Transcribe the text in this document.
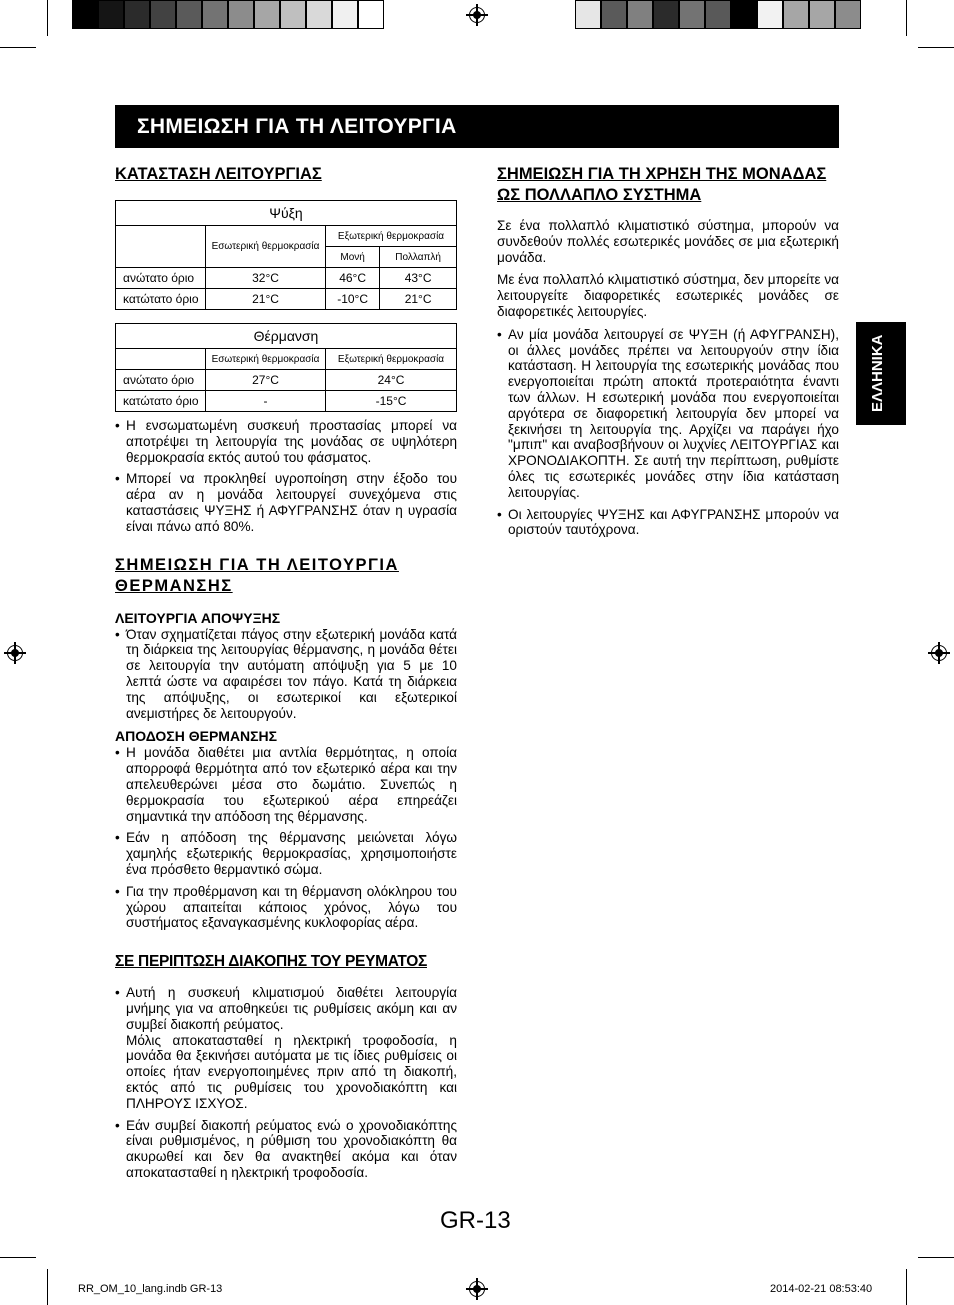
ΣΗΜΕΙΩΣΗ ΓΙΑ ΤΗ ΛΕΙΤΟΥΡΓΙΑ
ΕΛΛΗΝΙΚΑ
ΚΑΤΑΣΤΑΣΗ ΛΕΙΤΟΥΡΓΙΑΣ
Ψύξη			
	Εσωτερική θερμοκρασία	Εξωτερική θερμοκρασία	
		Μονή	Πολλαπλή
ανώτατο όριο	32°C	46°C	43°C
κατώτατο όριο	21°C	-10°C	21°C
Θέρμανση		
	Εσωτερική θερμοκρασία	Εξωτερική θερμοκρασία
ανώτατο όριο	27°C	24°C
κατώτατο όριο	-	-15°C
• Η ενσωματωμένη συσκευή προστασίας μπορεί να αποτρέψει τη λειτουργία της μονάδας σε υψηλότερη θερμοκρασία εκτός αυτού του φάσματος.
• Μπορεί να προκληθεί υγροποίηση στην έξοδο του αέρα αν η μονάδα λειτουργεί συνεχόμενα στις καταστάσεις ΨΥΞΗΣ ή ΑΦΥΓΡΑΝΣΗΣ όταν η υγρασία είναι πάνω από 80%.
ΣΗΜΕΙΩΣΗ ΓΙΑ ΤΗ ΛΕΙΤΟΥΡΓΙΑ ΘΕΡΜΑΝΣΗΣ
ΛΕΙΤΟΥΡΓΙΑ ΑΠΟΨΥΞΗΣ
• Όταν σχηματίζεται πάγος στην εξωτερική μονάδα κατά τη διάρκεια της λειτουργίας θέρμανσης, η μονάδα θέτει σε λειτουργία την αυτόματη απόψυξη για 5 με 10 λεπτά ώστε να αφαιρέσει τον πάγο. Κατά τη διάρκεια της απόψυξης, οι εσωτερικοί και εξωτερικοί ανεμιστήρες δε λειτουργούν.
ΑΠΟΔΟΣΗ ΘΕΡΜΑΝΣΗΣ
• Η μονάδα διαθέτει μια αντλία θερμότητας, η οποία απορροφά θερμότητα από τον εξωτερικό αέρα και την απελευθερώνει μέσα στο δωμάτιο. Συνεπώς η θερμοκρασία του εξωτερικού αέρα επηρεάζει σημαντικά την απόδοση της θέρμανσης.
• Εάν η απόδοση της θέρμανσης μειώνεται λόγω χαμηλής εξωτερικής θερμοκρασίας, χρησιμοποιήστε ένα πρόσθετο θερμαντικό σώμα.
• Για την προθέρμανση και τη θέρμανση ολόκληρου του χώρου απαιτείται κάποιος χρόνος, λόγω του συστήματος εξαναγκασμένης κυκλοφορίας αέρα.
ΣΕ ΠΕΡΙΠΤΩΣΗ ΔΙΑΚΟΠΗΣ ΤΟΥ ΡΕΥΜΑΤΟΣ
• Αυτή η συσκευή κλιματισμού διαθέτει λειτουργία μνήμης για να αποθηκεύει τις ρυθμίσεις ακόμη και αν συμβεί διακοπή ρεύματος.
Μόλις αποκατασταθεί η ηλεκτρική τροφοδοσία, η μονάδα θα ξεκινήσει αυτόματα με τις ίδιες ρυθμίσεις οι οποίες ήταν ενεργοποιημένες πριν από τη διακοπή, εκτός από τις ρυθμίσεις του χρονοδιακόπτη και ΠΛΗΡΟΥΣ ΙΣΧΥΟΣ.
• Εάν συμβεί διακοπή ρεύματος ενώ ο χρονοδιακόπτης είναι ρυθμισμένος, η ρύθμιση του χρονοδιακόπτη θα ακυρωθεί και δεν θα ανακτηθεί ακόμα και όταν αποκατασταθεί η ηλεκτρική τροφοδοσία.
ΣΗΜΕΙΩΣΗ ΓΙΑ ΤΗ ΧΡΗΣΗ ΤΗΣ ΜΟΝΑΔΑΣ ΩΣ ΠΟΛΛΑΠΛΟ ΣΥΣΤΗΜΑ

Σε ένα πολλαπλό κλιματιστικό σύστημα, μπορούν να συνδεθούν πολλές εσωτερικές μονάδες σε μια εξωτερική μονάδα.

Με ένα πολλαπλό κλιματιστικό σύστημα, δεν μπορείτε να λειτουργείτε διαφορετικές εσωτερικές μονάδες σε διαφορετικές λειτουργίες.

• Αν μία μονάδα λειτουργεί σε ΨΥΞΗ (ή ΑΦΥΓΡΑΝΣΗ), οι άλλες μονάδες πρέπει να λειτουργούν στην ίδια κατάσταση. Η λειτουργία της εσωτερικής μονάδας που ενεργοποιείται πρώτη αποκτά προτεραιότητα έναντι των άλλων. Η εσωτερική μονάδα που ενεργοποιείται αργότερα σε διαφορετική λειτουργία δεν μπορεί να ξεκινήσει τη λειτουργία της. Αρχίζει να παράγει ήχο "μπιπ" και αναβοσβήνουν οι λυχνίες ΛΕΙΤΟΥΡΓΙΑΣ και ΧΡΟΝΟΔΙΑΚΟΠΤΗ. Σε αυτή την περίπτωση, ρυθμίστε όλες τις εσωτερικές μονάδες στην ίδια κατάσταση λειτουργίας.
• Οι λειτουργίες ΨΥΞΗΣ και ΑΦΥΓΡΑΝΣΗΣ μπορούν να οριστούν ταυτόχρονα.
GR-13
RR_OM_10_lang.indb GR-13	2014-02-21 08:53:40
